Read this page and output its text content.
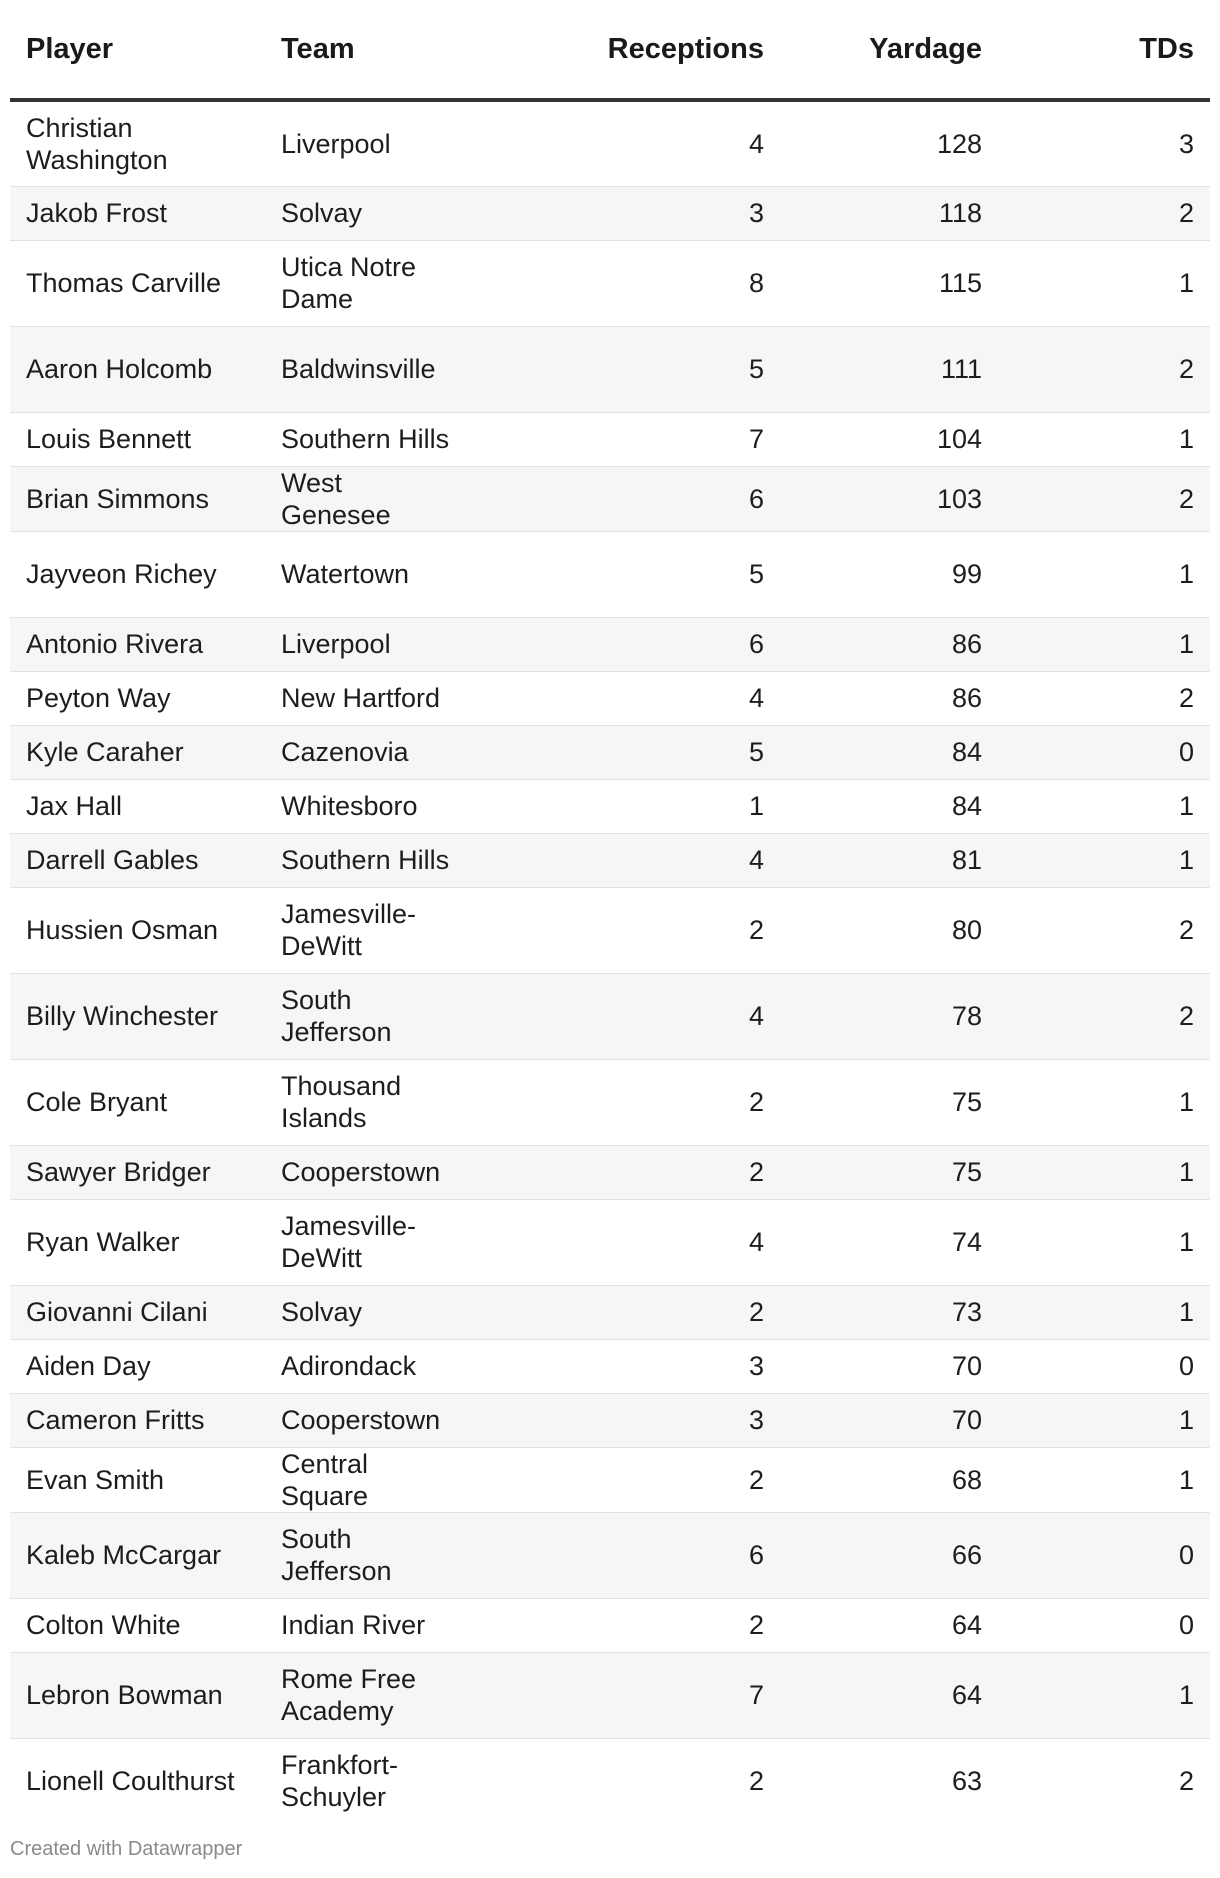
Player	Team	Receptions	Yardage	TDs
Christian Washington	Liverpool	4	128	3
Jakob Frost	Solvay	3	118	2
Thomas Carville	Utica Notre Dame	8	115	1
Aaron Holcomb	Baldwinsville	5	111	2
Louis Bennett	Southern Hills	7	104	1
Brian Simmons	West Genesee	6	103	2
Jayveon Richey	Watertown	5	99	1
Antonio Rivera	Liverpool	6	86	1
Peyton Way	New Hartford	4	86	2
Kyle Caraher	Cazenovia	5	84	0
Jax Hall	Whitesboro	1	84	1
Darrell Gables	Southern Hills	4	81	1
Hussien Osman	Jamesville-DeWitt	2	80	2
Billy Winchester	South Jefferson	4	78	2
Cole Bryant	Thousand Islands	2	75	1
Sawyer Bridger	Cooperstown	2	75	1
Ryan Walker	Jamesville-DeWitt	4	74	1
Giovanni Cilani	Solvay	2	73	1
Aiden Day	Adirondack	3	70	0
Cameron Fritts	Cooperstown	3	70	1
Evan Smith	Central Square	2	68	1
Kaleb McCargar	South Jefferson	6	66	0
Colton White	Indian River	2	64	0
Lebron Bowman	Rome Free Academy	7	64	1
Lionell Coulthurst	Frankfort-Schuyler	2	63	2
Created with Datawrapper
